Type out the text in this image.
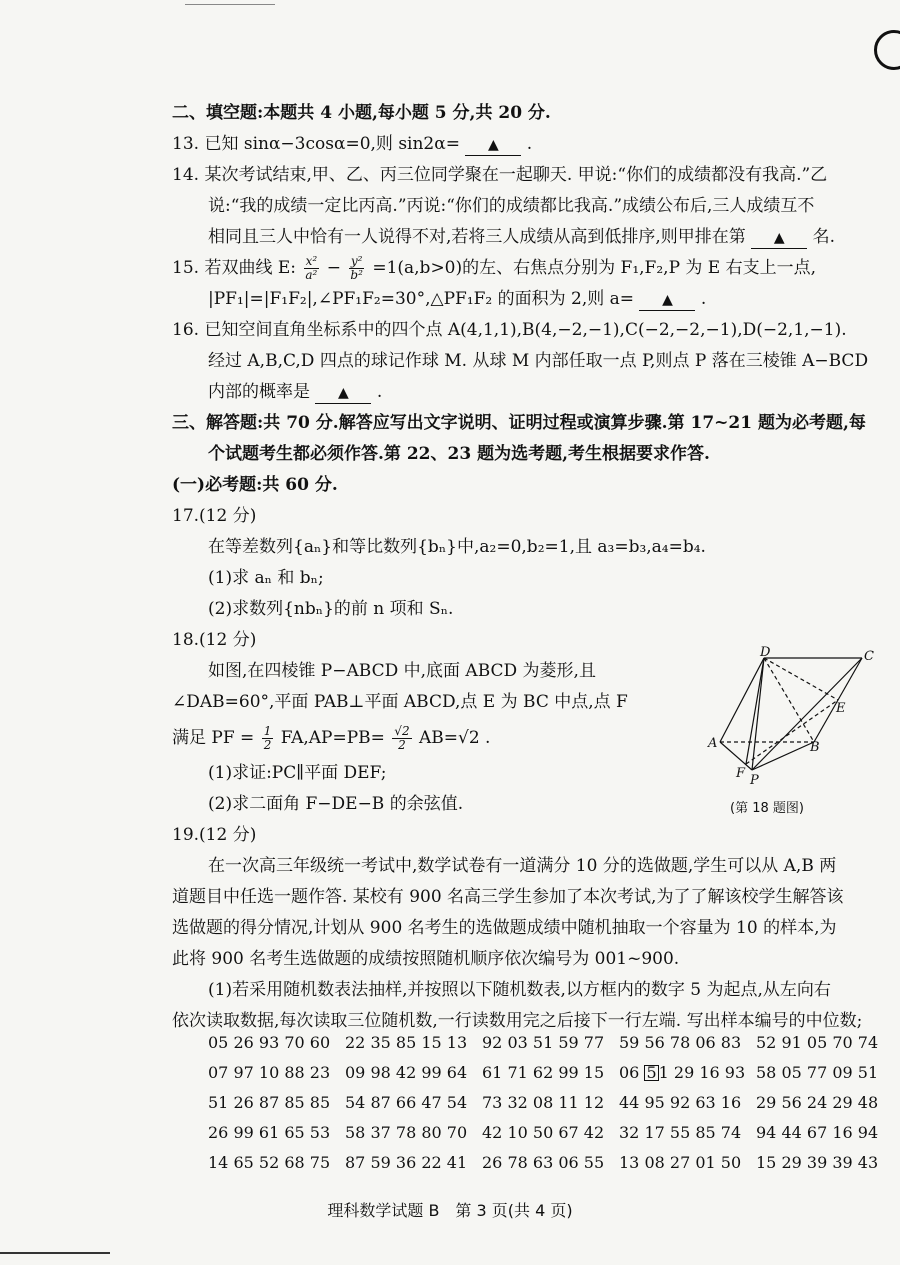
二、填空题:本题共 4 小题,每小题 5 分,共 20 分.
13. 已知 sinα−3cosα=0,则 sin2α= ▲ .
14. 某次考试结束,甲、乙、丙三位同学聚在一起聊天. 甲说:“你们的成绩都没有我高.”乙
说:“我的成绩一定比丙高.”丙说:“你们的成绩都比我高.”成绩公布后,三人成绩互不
相同且三人中恰有一人说得不对,若将三人成绩从高到低排序,则甲排在第 ▲ 名.
15. 若双曲线 E: $\frac{\text{x²}}{\text{a²}} - \frac{\text{y²}}{\text{b²}} =1(a,b>0)$的左、右焦点分别为 F₁,F₂,P 为 E 右支上一点,
|PF₁|=|F₁F₂|,∠PF₁F₂=30°,△PF₁F₂ 的面积为 2,则 a= ▲ .
16. 已知空间直角坐标系中的四个点 A(4,1,1),B(4,−2,−1),C(−2,−2,−1),D(−2,1,−1).
经过 A,B,C,D 四点的球记作球 M. 从球 M 内部任取一点 P,则点 P 落在三棱锥 A−BCD
内部的概率是 ▲ .
三、解答题:共 70 分.解答应写出文字说明、证明过程或演算步骤.第 17~21 题为必考题,每
个试题考生都必须作答.第 22、23 题为选考题,考生根据要求作答.
(一)必考题:共 60 分.
17.(12 分)
在等差数列{aₙ}和等比数列{bₙ}中,a₂=0,b₂=1,且 a₃=b₃,a₄=b₄.
(1)求 aₙ 和 bₙ;
(2)求数列{nbₙ}的前 n 项和 Sₙ.
18.(12 分)
如图,在四棱锥 P−ABCD 中,底面 ABCD 为菱形,且
∠DAB=60°,平面 PAB⊥平面 ABCD,点 E 为 BC 中点,点 F
满足 PF = $\frac{1}{2} FA,AP=PB= \frac{√2}{2} AB=√2$ .
(1)求证:PC∥平面 DEF;
(2)求二面角 F−DE−B 的余弦值.
19.(12 分)
在一次高三年级统一考试中,数学试卷有一道满分 10 分的选做题,学生可以从 A,B 两
道题目中任选一题作答. 某校有 900 名高三学生参加了本次考试,为了了解该校学生解答该
选做题的得分情况,计划从 900 名考生的选做题成绩中随机抽取一个容量为 10 的样本,为
此将 900 名考生选做题的成绩按照随机顺序依次编号为 001~900.
(1)若采用随机数表法抽样,并按照以下随机数表,以方框内的数字 5 为起点,从左向右
依次读取数据,每次读取三位随机数,一行读数用完之后接下一行左端. 写出样本编号的中位数;
D	C
E
A	B
F P
(第 18 题图)
05 26 93 70 60 22 35 85 15 13 92 03 51 59 77 59 56 78 06 83 52 91 05 70 74
07 97 10 88 23 09 98 42 99 64 61 71 62 99 15 06 5 1 29 16 93 58 05 77 09 51
51 26 87 85 85 54 87 66 47 54 73 32 08 11 12 44 95 92 63 16 29 56 24 29 48
26 99 61 65 53 58 37 78 80 70 42 10 50 67 42 32 17 55 85 74 94 44 67 16 94
14 65 52 68 75 87 59 36 22 41 26 78 63 06 55 13 08 27 01 50 15 29 39 39 43
理科数学试题 B　第 3 页(共 4 页)
